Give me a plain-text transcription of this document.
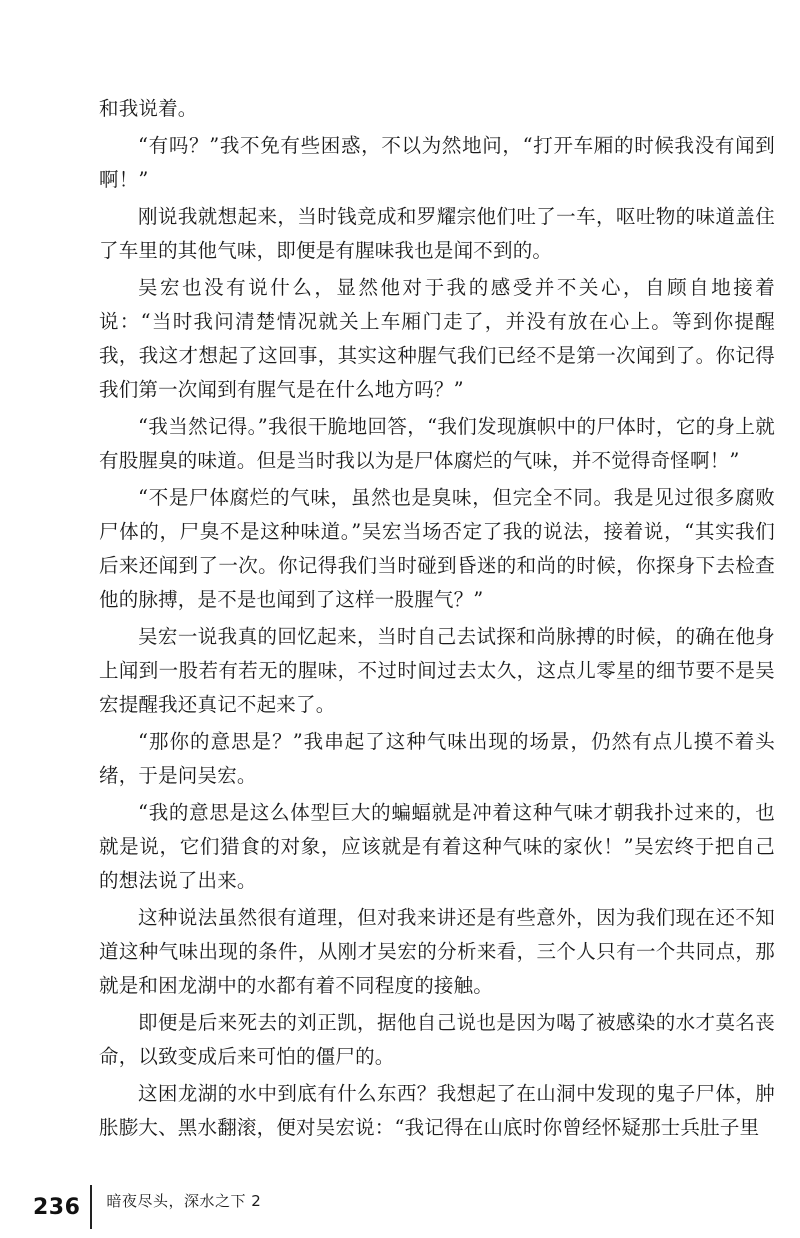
和我说着。

“有吗？”我不免有些困惑，不以为然地问，“打开车厢的时候我没有闻到啊！”

刚说我就想起来，当时钱竞成和罗耀宗他们吐了一车，呕吐物的味道盖住了车里的其他气味，即便是有腥味我也是闻不到的。

吴宏也没有说什么，显然他对于我的感受并不关心，自顾自地接着说：“当时我问清楚情况就关上车厢门走了，并没有放在心上。等到你提醒我，我这才想起了这回事，其实这种腥气我们已经不是第一次闻到了。你记得我们第一次闻到有腥气是在什么地方吗？”

“我当然记得。”我很干脆地回答，“我们发现旗帜中的尸体时，它的身上就有股腥臭的味道。但是当时我以为是尸体腐烂的气味，并不觉得奇怪啊！”

“不是尸体腐烂的气味，虽然也是臭味，但完全不同。我是见过很多腐败尸体的，尸臭不是这种味道。”吴宏当场否定了我的说法，接着说，“其实我们后来还闻到了一次。你记得我们当时碰到昏迷的和尚的时候，你探身下去检查他的脉搏，是不是也闻到了这样一股腥气？”

吴宏一说我真的回忆起来，当时自己去试探和尚脉搏的时候，的确在他身上闻到一股若有若无的腥味，不过时间过去太久，这点儿零星的细节要不是吴宏提醒我还真记不起来了。

“那你的意思是？”我串起了这种气味出现的场景，仍然有点儿摸不着头绪，于是问吴宏。

“我的意思是这么体型巨大的蝙蝠就是冲着这种气味才朝我扑过来的，也就是说，它们猎食的对象，应该就是有着这种气味的家伙！”吴宏终于把自己的想法说了出来。

这种说法虽然很有道理，但对我来讲还是有些意外，因为我们现在还不知道这种气味出现的条件，从刚才吴宏的分析来看，三个人只有一个共同点，那就是和困龙湖中的水都有着不同程度的接触。

即便是后来死去的刘正凯，据他自己说也是因为喝了被感染的水才莫名丧命，以致变成后来可怕的僵尸的。

这困龙湖的水中到底有什么东西？我想起了在山洞中发现的鬼子尸体，肿胀膨大、黑水翻滚，便对吴宏说：“我记得在山底时你曾经怀疑那士兵肚子里

236 暗夜尽头，深水之下 2
